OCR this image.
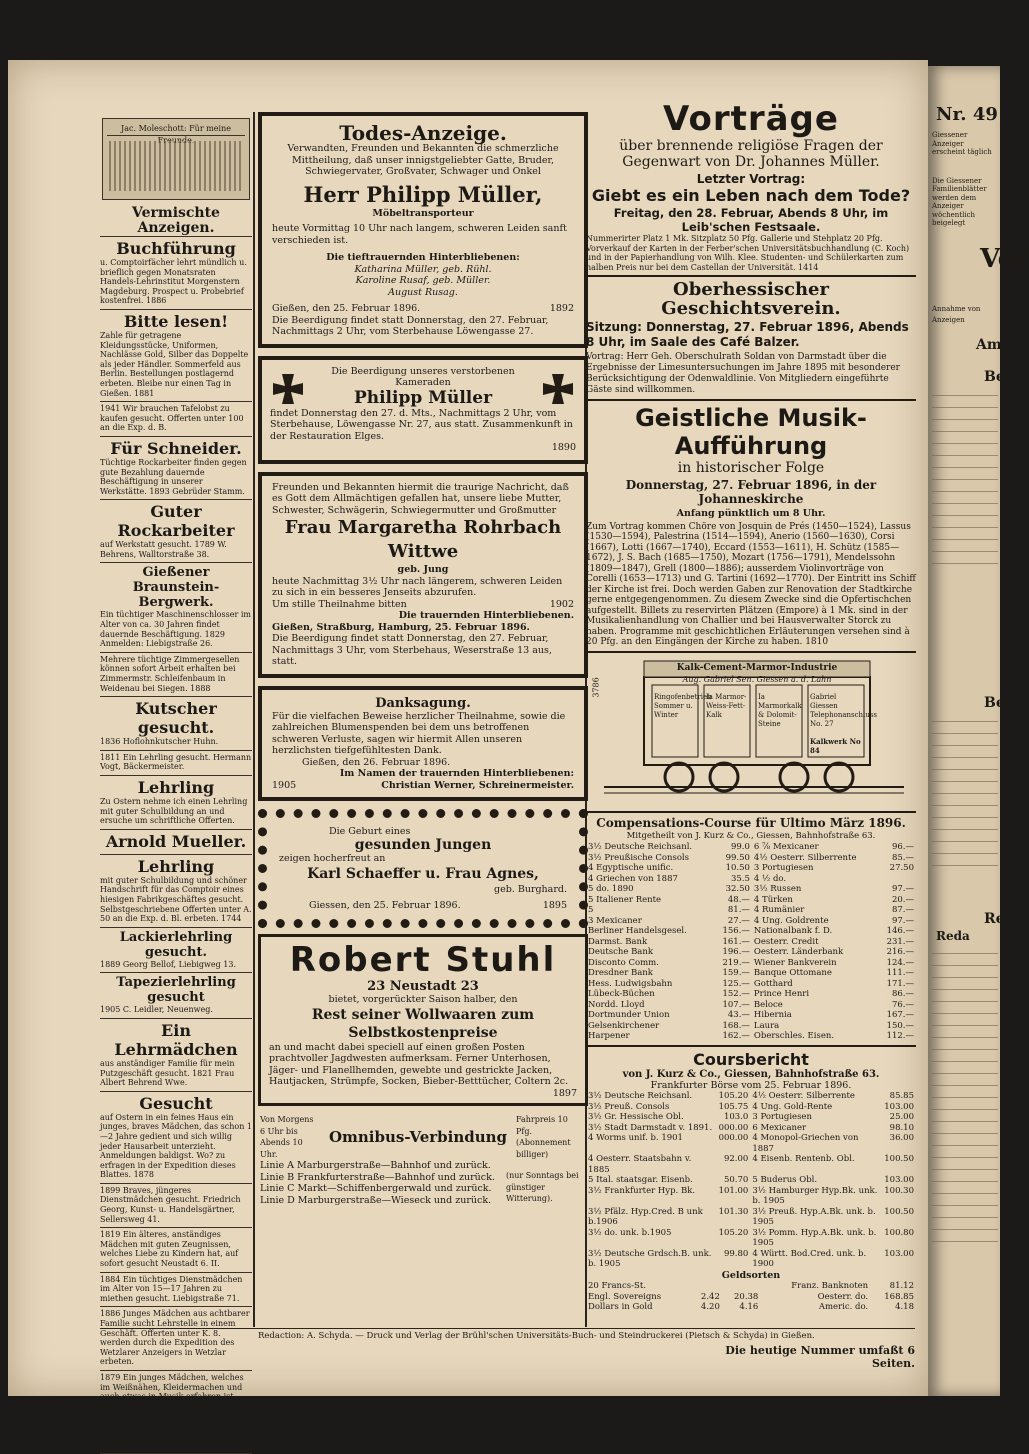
Jac. Moleschott: Für meine

Vermischte Anzeigen.

Buchführung

u. Comptoirfächer lehrt mündlich u. brieflich gegen Monatsraten Handels-Lehrinstitut Morgenstern Magdeburg. Prospect u. Probebrief kostenfrei. 1886

Bitte lesen!

Zahle für getragene Kleidungsstücke, Uniformen, Nachlässe Gold, Silber das Doppelte als jeder Händler. Sommerfeld aus Berlin. Bestellungen postlagernd erbeten. Bleibe nur einen Tag in Gießen. 1881

1941 Wir brauchen Tafelobst zu kaufen gesucht. Offerten unter 100 an die Exp. d. B.

Für Schneider.

Tüchtige Rockarbeiter finden gegen gute Bezahlung dauernde Beschäftigung in unserer Werkstätte. 1893 Gebrüder Stamm.

Guter Rockarbeiter

auf Werkstatt gesucht. 1789 W. Behrens, Walltorstraße 38.

Gießener Braunstein-Bergwerk.

Ein tüchtiger Maschinenschlosser im Alter von ca. 30 Jahren findet dauernde Beschäftigung. 1829 Anmelden: Liebigstraße 26.

Mehrere tüchtige Zimmergesellen können sofort Arbeit erhalten bei Zimmermstr. Schleifenbaum in Weidenau bei Siegen. 1888

Kutscher gesucht.

1836 Hoflohnkutscher Huhn.

1811 Ein Lehrling gesucht. Hermann Vogt, Bäckermeister.

Lehrling

Zu Ostern nehme ich einen Lehrling mit guter Schulbildung an und ersuche um schriftliche Offerten.

Arnold Mueller.

Lehrling

mit guter Schulbildung und schöner Handschrift für das Comptoir eines hiesigen Fabrikgeschäftes gesucht. Selbstgeschriebene Offerten unter A. 50 an die Exp. d. Bl. erbeten. 1744

Lackierlehrling gesucht.

1889 Georg Bellof, Liebigweg 13.

Tapezierlehrling gesucht

1905 C. Leidler, Neuenweg.

Ein Lehrmädchen

aus anständiger Familie für mein Putzgeschäft gesucht. 1821 Frau Albert Behrend Wwe.

Gesucht

auf Ostern in ein feines Haus ein junges, braves Mädchen, das schon 1—2 Jahre gedient und sich willig jeder Hausarbeit unterzieht. Anmeldungen baldigst. Wo? zu erfragen in der Expedition dieses Blattes. 1878

1899 Braves, jüngeres Dienstmädchen gesucht. Friedrich Georg, Kunst- u. Handelsgärtner, Sellersweg 41.

1819 Ein älteres, anständiges Mädchen mit guten Zeugnissen, welches Liebe zu Kindern hat, auf sofort gesucht Neustadt 6. II.

1884 Ein tüchtiges Dienstmädchen im Alter von 15—17 Jahren zu miethen gesucht. Liebigstraße 71.

1886 Junges Mädchen aus achtbarer Familie sucht Lehrstelle in einem Geschäft. Offerten unter K. 8. werden durch die Expedition des Wetzlarer Anzeigers in Wetzlar erbeten.

1879 Ein junges Mädchen, welches im Weißnähen, Kleidermachen und auch etwas in Musik erfahren ist, sucht Stelle als Stütze der Hausfrau oder Ähnliches. Es wird weniger auf hohen Lohn als auf gute Behandlung gesehen. Näheres zu erfragen Bismarckstraße 8.

Todes-Anzeige.

Verwandten, Freunden und Bekannten die schmerzliche Mittheilung, daß unser innigstgeliebter Gatte, Bruder, Schwiegervater, Großvater, Schwager und Onkel

Herr Philipp Müller,

Möbeltransporteur

heute Vormittag 10 Uhr nach langem, schweren Leiden sanft verschieden ist.

Die tieftrauernden Hinterbliebenen:

Katharina Müller, geb. Rühl.

Karoline Rusaf, geb. Müller.

August Rusag.

Gießen, den 25. Februar 1896.	1892

Die Beerdigung findet statt Donnerstag, den 27. Februar, Nachmittags 2 Uhr, vom Sterbehause Löwengasse 27.

Die Beerdigung unseres verstorbenen Kameraden

Philipp Müller

findet Donnerstag den 27. d. Mts., Nachmittags 2 Uhr, vom Sterbehause, Löwengasse Nr. 27, aus statt. Zusammenkunft in der Restauration Elges.

1890

Freunden und Bekannten hiermit die traurige Nachricht, daß es Gott dem Allmächtigen gefallen hat, unsere liebe Mutter, Schwester, Schwägerin, Schwiegermutter und Großmutter

Frau Margaretha Rohrbach Wittwe

geb. Jung

heute Nachmittag 3½ Uhr nach längerem, schweren Leiden zu sich in ein besseres Jenseits abzurufen.

Um stille Theilnahme bitten	1902

Die trauernden Hinterbliebenen.

Gießen, Straßburg, Hamburg, 25. Februar 1896.

Die Beerdigung findet statt Donnerstag, den 27. Februar, Nachmittags 3 Uhr, vom Sterbehaus, Weserstraße 13 aus, statt.

Danksagung.

Für die vielfachen Beweise herzlicher Theilnahme, sowie die zahlreichen Blumenspenden bei dem uns betroffenen schweren Verluste, sagen wir hiermit Allen unseren herzlichsten tiefgefühltesten Dank.

Gießen, den 26. Februar 1896.

Im Namen der trauernden Hinterbliebenen:

1905	Christian Werner, Schreinermeister.

Die Geburt eines

gesunden Jungen

zeigen hocherfreut an

Karl Schaeffer u. Frau Agnes,

geb. Burghard.

Giessen, den 25. Februar 1896.	1895

Robert Stuhl

23 Neustadt 23

bietet, vorgerückter Saison halber, den

Rest seiner Wollwaaren zum Selbstkostenpreise

an und macht dabei speciell auf einen großen Posten prachtvoller Jagdwesten aufmerksam. Ferner Unterhosen, Jäger- und Flanellhemden, gewebte und gestrickte Jacken, Hautjacken, Strümpfe, Socken, Bieber-Betttücher, Coltern 2c.

1897

Von Morgens 6 Uhr bis Abends 10 Uhr.
Omnibus-Verbindung
Fahrpreis 10 Pfg. (Abonnement billiger)

Linie A Marburgerstraße—Bahnhof und zurück.

Linie B Frankfurterstraße—Bahnhof und zurück.

Linie C Markt—Schiffenbergerwald und zurück.

Linie D Marburgerstraße—Wieseck und zurück.

(nur Sonntags bei günstiger Witterung).

Vorträge

über brennende religiöse Fragen der Gegenwart von Dr. Johannes Müller.

Letzter Vortrag:

Giebt es ein Leben nach dem Tode?

Freitag, den 28. Februar, Abends 8 Uhr, im Leib'schen Festsaale.

Nummerirter Platz 1 Mk. Sitzplatz 50 Pfg. Gallerie und Stehplatz 20 Pfg. Vorverkauf der Karten in der Ferber'schen Universitätsbuchhandlung (C. Koch) und in der Papierhandlung von Wilh. Klee. Studenten- und Schülerkarten zum halben Preis nur bei dem Castellan der Universität. 1414

Oberhessischer Geschichtsverein.

Sitzung: Donnerstag, 27. Februar 1896, Abends 8 Uhr, im Saale des Café Balzer.

Vortrag: Herr Geh. Oberschulrath Soldan von Darmstadt über die Ergebnisse der Limesuntersuchungen im Jahre 1895 mit besonderer Berücksichtigung der Odenwaldlinie. Von Mitgliedern eingeführte Gäste sind willkommen.

Geistliche Musik-Aufführung

in historischer Folge

Donnerstag, 27. Februar 1896, in der Johanneskirche

Anfang pünktlich um 8 Uhr.

Zum Vortrag kommen Chöre von Josquin de Prés (1450—1524), Lassus (1530—1594), Palestrina (1514—1594), Anerio (1560—1630), Corsi (1667), Lotti (1667—1740), Eccard (1553—1611), H. Schütz (1585—1672), J. S. Bach (1685—1750), Mozart (1756—1791), Mendelssohn (1809—1847), Grell (1800—1886); ausserdem Violinvorträge von Corelli (1653—1713) und G. Tartini (1692—1770). Der Eintritt ins Schiff der Kirche ist frei. Doch werden Gaben zur Renovation der Stadtkirche gerne entgegengenommen. Zu diesem Zwecke sind die Opfertischchen aufgestellt. Billets zu reservirten Plätzen (Empore) à 1 Mk. sind in der Musikalienhandlung von Challier und bei Hausverwalter Storck zu haben. Programme mit geschichtlichen Erläuterungen versehen sind à 20 Pfg. an den Eingängen der Kirche zu haben. 1810

3786
Kalk-Cement-Marmor-Industrie
Aug. Gabriel Sen. Giessen a. d. Lahn
Ringofenbetrieb Sommer u. Winter
Ia Marmor-Weiss-Fett-Kalk
Ia Marmorkalk & Dolomit-Steine
Gabriel Giessen Telephonanschluss No. 27
Kalkwerk No 84

Compensations-Course für Ultimo März 1896.

Mitgetheilt von J. Kurz & Co., Giessen, Bahnhofstraße 63.

3½ Deutsche Reichsanl.	99.0	6 ⅞ Mexicaner	96.—
3½ Preußische Consols	99.50	4½ Oesterr. Silberrente	85.—
4 Egyptische unific.	10.50	3 Portugiesen	27.50
4 Griechen von 1887	35.5	4 ½ do.	
5 do. 1890	32.50	3½ Russen	97.—
5 Italiener Rente	48.—	4 Türken	20.—
5	81.—	4 Rumänier	87.—
3 Mexicaner	27.—	4 Ung. Goldrente	97.—
Berliner Handelsgesel.	156.—	Nationalbank f. D.	146.—
Darmst. Bank	161.—	Oesterr. Credit	231.—
Deutsche Bank	196.—	Oesterr. Länderbank	216.—
Disconto Comm.	219.—	Wiener Bankverein	124.—
Dresdner Bank	159.—	Banque Ottomane	111.—
Hess. Ludwigsbahn	125.—	Gotthard	171.—
Lübeck-Büchen	152.—	Prince Henri	86.—
Nordd. Lloyd	107.—	Beloce	76.—
Dortmunder Union	43.—	Hibernia	167.—
Gelsenkirchener	168.—	Laura	150.—
Harpener	162.—	Oberschles. Eisen.	112.—

Coursbericht

von J. Kurz & Co., Giessen, Bahnhofstraße 63.

Frankfurter Börse vom 25. Februar 1896.

3½ Deutsche Reichsanl.	105.20	4½ Oesterr. Silberrente	85.85
3½ Preuß. Consols	105.75	4 Ung. Gold-Rente	103.00
3½ Gr. Hessische Obl.	103.0	3 Portugiesen	25.00
3½ Stadt Darmstadt v. 1891.	000.00	6 Mexicaner	98.10
4 Worms unif. b. 1901	000.00	4 Monopol-Griechen von 1887	36.00
4 Oesterr. Staatsbahn v. 1885	92.00	4 Eisenb. Rentenb. Obl.	100.50
5 Ital. staatsgar. Eisenb.	50.70	5 Buderus Obl.	103.00
3½ Frankfurter Hyp. Bk.	101.00	3½ Hamburger Hyp.Bk. unk. b. 1905	100.30
3½ Pfälz. Hyp.Cred. B unk b.1906	101.30	3½ Preuß. Hyp.A.Bk. unk. b. 1905	100.50
3½ do. unk. b.1905	105.20	3½ Pomm. Hyp.A.Bk. unk. b. 1905	100.80
3½ Deutsche Grdsch.B. unk. b. 1905	99.80	4 Württ. Bod.Cred. unk. b. 1900	103.00

Geldsorten

20 Francs-St.			Franz. Banknoten	81.12
Engl. Sovereigns	2.42	20.38	Oesterr. do.	168.85
Dollars in Gold	4.20	4.16	Americ. do.	4.18

Nr. 49

Giessener Anzeiger erscheint täglich

Die Giessener Familienblätter werden dem Anzeiger wöchentlich beigelegt

Vor

Annahme von Anzeigen

Am

Bek

Be

Re

Reda

Redaction: A. Schyda. — Druck und Verlag der Brühl'schen Universitäts-Buch- und Steindruckerei (Pietsch & Schyda) in Gießen.
Die heutige Nummer umfaßt 6 Seiten.
